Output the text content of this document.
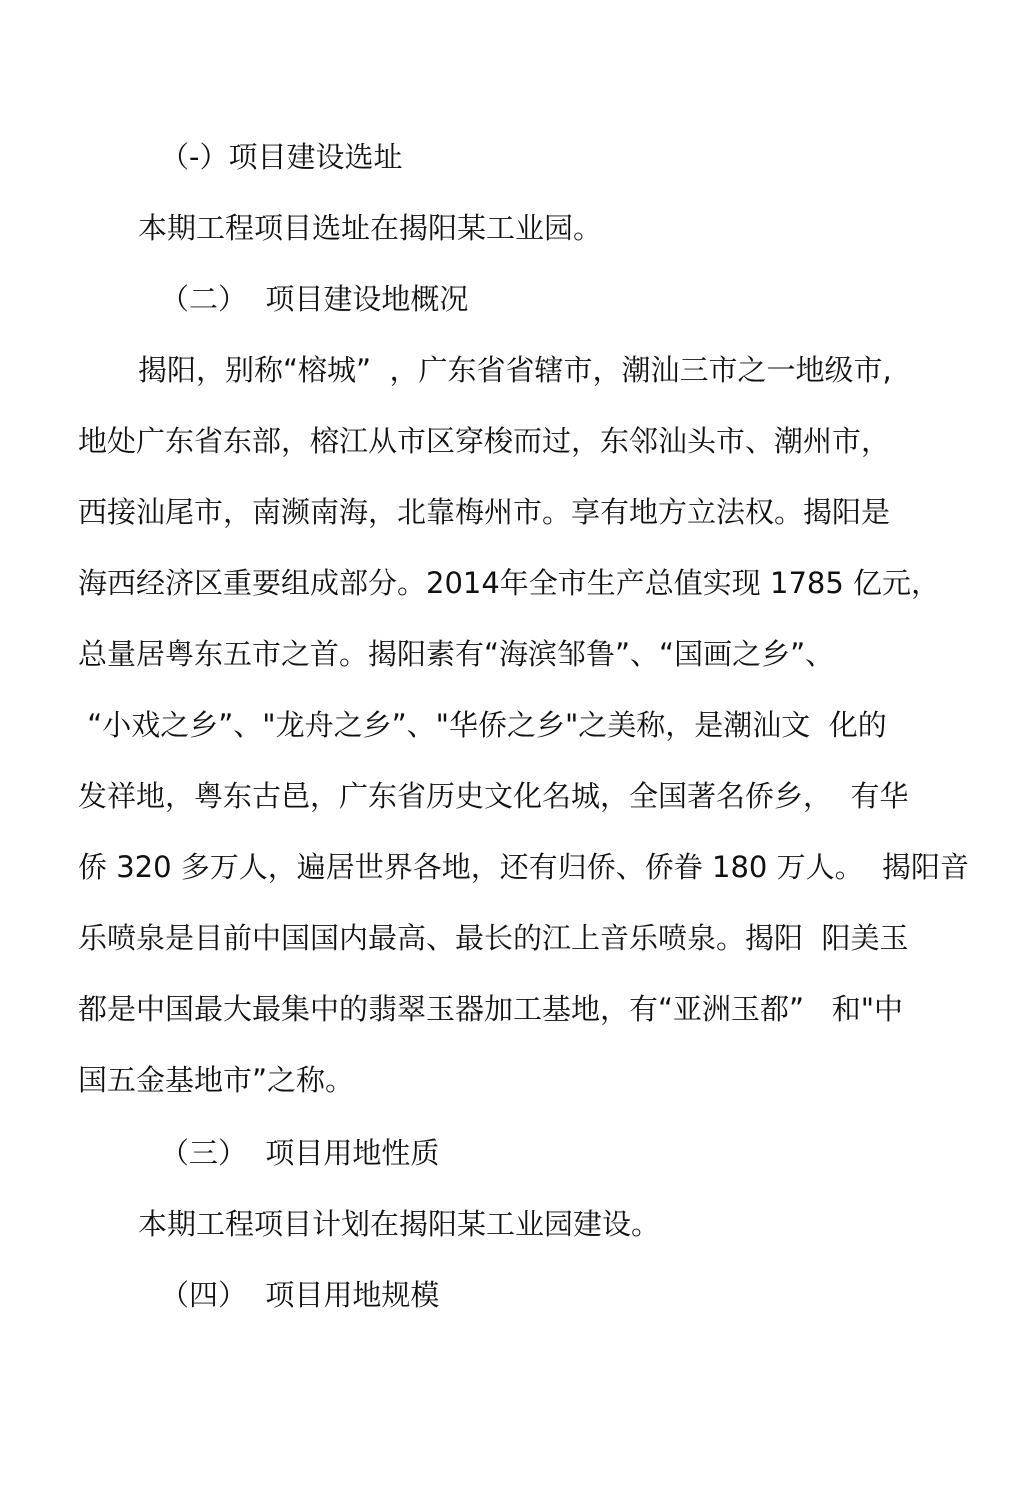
（-）项目建设选址
本期工程项目选址在揭阳某工业园。
（二）  项目建设地概况
揭阳，别称“榕城”  ，广东省省辖市，潮汕三市之一地级市,
地处广东省东部，榕江从市区穿梭而过，东邻汕头市、潮州市，
西接汕尾市，南濒南海，北靠梅州市。享有地方立法权。揭阳是
海西经济区重要组成部分。2014年全市生产总值实现 1785 亿元，
总量居粤东五市之首。揭阳素有“海滨邹鲁”、“国画之乡”、
“小戏之乡”、"龙舟之乡”、"华侨之乡"之美称，是潮汕文  化的
发祥地，粤东古邑，广东省历史文化名城，全国著名侨乡，  有华
侨 320 多万人，遍居世界各地，还有归侨、侨眷 180 万人。  揭阳音
乐喷泉是目前中国国内最高、最长的江上音乐喷泉。揭阳  阳美玉
都是中国最大最集中的翡翠玉器加工基地，有“亚洲玉都”   和"中
国五金基地市”之称。
（三）  项目用地性质
本期工程项目计划在揭阳某工业园建设。
（四）  项目用地规模
